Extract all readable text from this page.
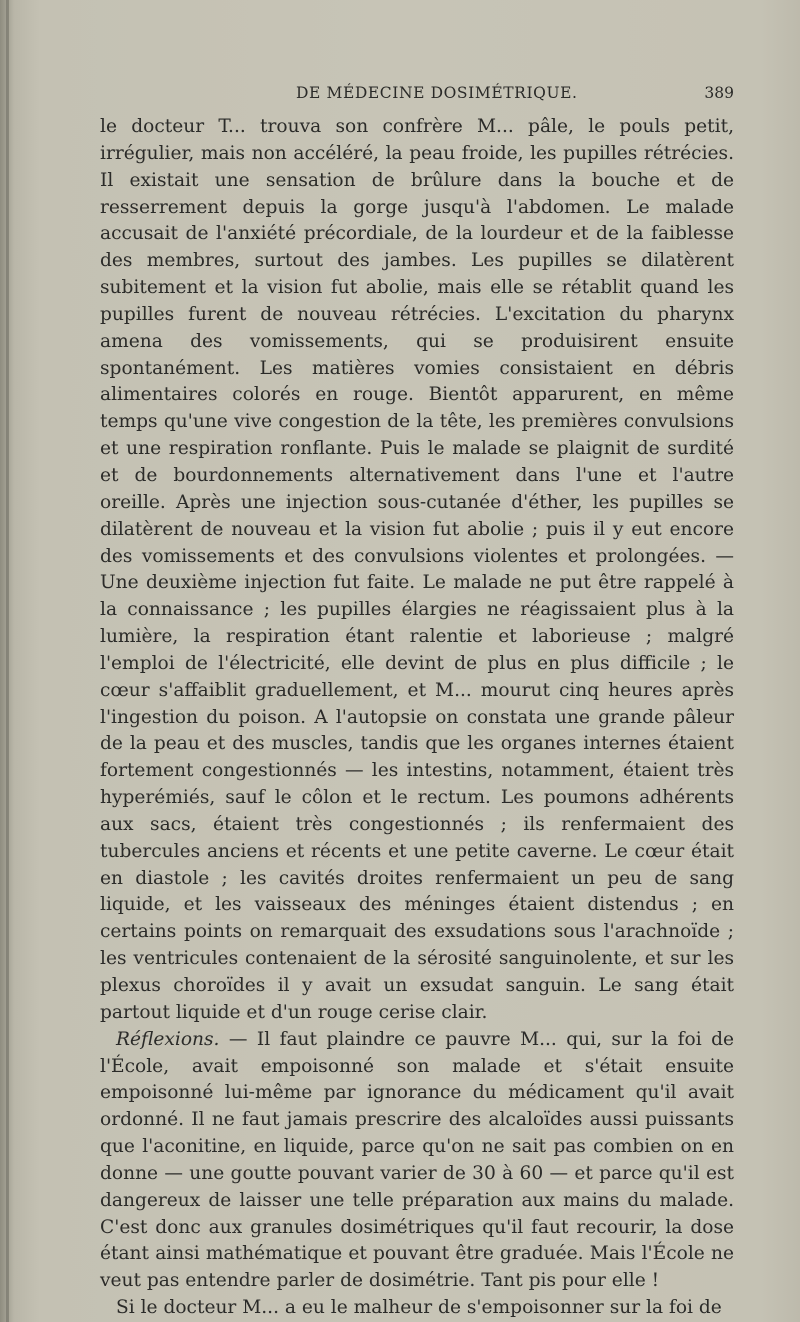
DE MÉDECINE DOSIMÉTRIQUE.	389

le docteur T... trouva son confrère M... pâle, le pouls petit, irrégulier, mais non accéléré, la peau froide, les pupilles rétrécies. Il existait une sensation de brûlure dans la bouche et de resserrement depuis la gorge jusqu'à l'abdomen. Le malade accusait de l'anxiété précordiale, de la lourdeur et de la faiblesse des membres, surtout des jambes. Les pupilles se dilatèrent subitement et la vision fut abolie, mais elle se rétablit quand les pupilles furent de nouveau rétrécies. L'excitation du pharynx amena des vomissements, qui se produisirent ensuite spontanément. Les matières vomies consistaient en débris alimentaires colorés en rouge. Bientôt apparurent, en même temps qu'une vive congestion de la tête, les premières convulsions et une respiration ronflante. Puis le malade se plaignit de surdité et de bourdonnements alternativement dans l'une et l'autre oreille. Après une injection sous-cutanée d'éther, les pupilles se dilatèrent de nouveau et la vision fut abolie ; puis il y eut encore des vomissements et des convulsions violentes et prolongées. — Une deuxième injection fut faite. Le malade ne put être rappelé à la connaissance ; les pupilles élargies ne réagissaient plus à la lumière, la respiration étant ralentie et laborieuse ; malgré l'emploi de l'électricité, elle devint de plus en plus difficile ; le cœur s'affaiblit graduellement, et M... mourut cinq heures après l'ingestion du poison. A l'autopsie on constata une grande pâleur de la peau et des muscles, tandis que les organes internes étaient fortement congestionnés — les intestins, notamment, étaient très hyperémiés, sauf le côlon et le rectum. Les poumons adhérents aux sacs, étaient très congestionnés ; ils renfermaient des tubercules anciens et récents et une petite caverne. Le cœur était en diastole ; les cavités droites renfermaient un peu de sang liquide, et les vaisseaux des méninges étaient distendus ; en certains points on remarquait des exsudations sous l'arachnoïde ; les ventricules contenaient de la sérosité sanguinolente, et sur les plexus choroïdes il y avait un exsudat sanguin. Le sang était partout liquide et d'un rouge cerise clair.

Réflexions. — Il faut plaindre ce pauvre M... qui, sur la foi de l'École, avait empoisonné son malade et s'était ensuite empoisonné lui-même par ignorance du médicament qu'il avait ordonné. Il ne faut jamais prescrire des alcaloïdes aussi puissants que l'aconitine, en liquide, parce qu'on ne sait pas combien on en donne — une goutte pouvant varier de 30 à 60 — et parce qu'il est dangereux de laisser une telle préparation aux mains du malade. C'est donc aux granules dosimétriques qu'il faut recourir, la dose étant ainsi mathématique et pouvant être graduée. Mais l'École ne veut pas entendre parler de dosimétrie. Tant pis pour elle !

Si le docteur M... a eu le malheur de s'empoisonner sur la foi de
